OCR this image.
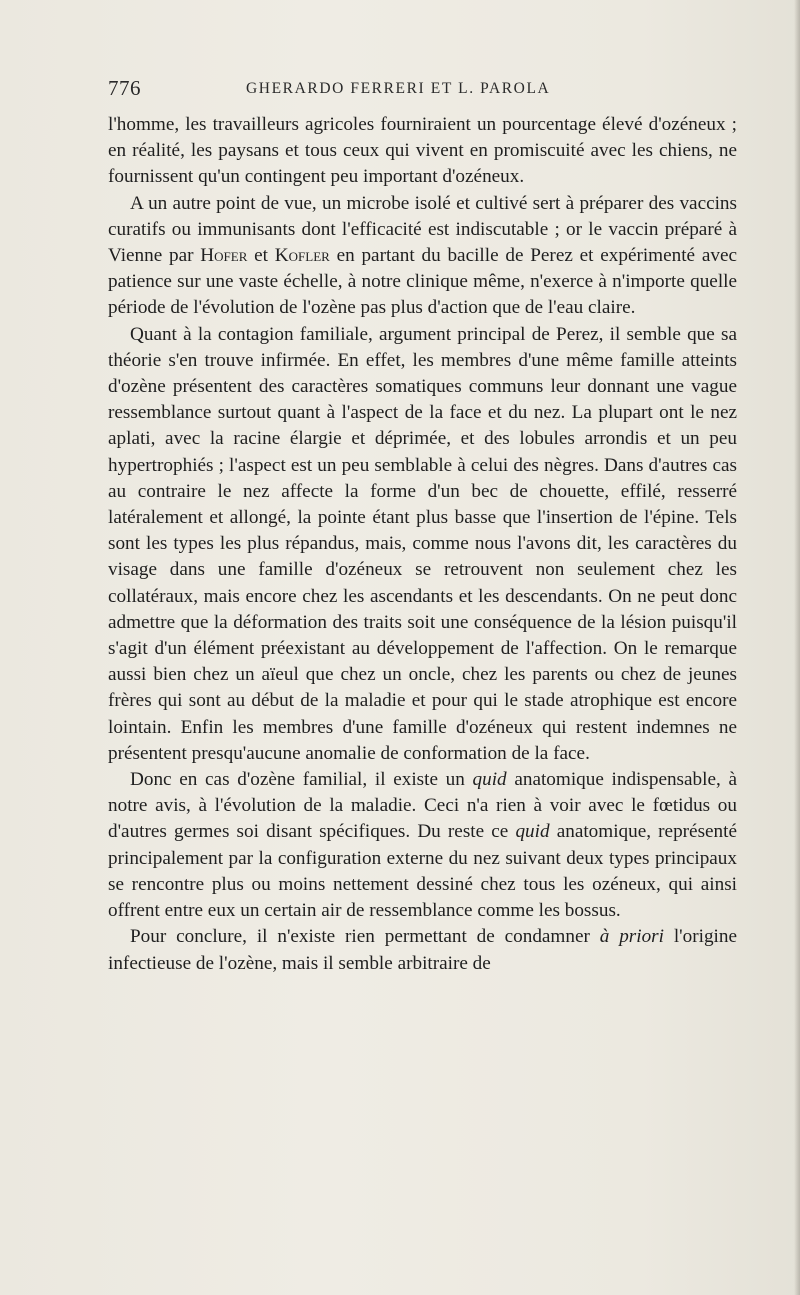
776	GHERARDO FERRERI ET L. PAROLA

l'homme, les travailleurs agricoles fourniraient un pourcentage élevé d'ozéneux ; en réalité, les paysans et tous ceux qui vivent en promiscuité avec les chiens, ne fournissent qu'un contingent peu important d'ozéneux.

A un autre point de vue, un microbe isolé et cultivé sert à préparer des vaccins curatifs ou immunisants dont l'efficacité est indiscutable ; or le vaccin préparé à Vienne par Hofer et Kofler en partant du bacille de Perez et expérimenté avec patience sur une vaste échelle, à notre clinique même, n'exerce à n'importe quelle période de l'évolution de l'ozène pas plus d'action que de l'eau claire.

Quant à la contagion familiale, argument principal de Perez, il semble que sa théorie s'en trouve infirmée. En effet, les membres d'une même famille atteints d'ozène présentent des caractères somatiques communs leur donnant une vague ressemblance surtout quant à l'aspect de la face et du nez. La plupart ont le nez aplati, avec la racine élargie et déprimée, et des lobules arrondis et un peu hypertrophiés ; l'aspect est un peu semblable à celui des nègres. Dans d'autres cas au contraire le nez affecte la forme d'un bec de chouette, effilé, resserré latéralement et allongé, la pointe étant plus basse que l'insertion de l'épine. Tels sont les types les plus répandus, mais, comme nous l'avons dit, les caractères du visage dans une famille d'ozéneux se retrouvent non seulement chez les collatéraux, mais encore chez les ascendants et les descendants. On ne peut donc admettre que la déformation des traits soit une conséquence de la lésion puisqu'il s'agit d'un élément préexistant au développement de l'affection. On le remarque aussi bien chez un aïeul que chez un oncle, chez les parents ou chez de jeunes frères qui sont au début de la maladie et pour qui le stade atrophique est encore lointain. Enfin les membres d'une famille d'ozéneux qui restent indemnes ne présentent presqu'aucune anomalie de conformation de la face.

Donc en cas d'ozène familial, il existe un quid anatomique indispensable, à notre avis, à l'évolution de la maladie. Ceci n'a rien à voir avec le fœtidus ou d'autres germes soi disant spécifiques. Du reste ce quid anatomique, représenté principalement par la configuration externe du nez suivant deux types principaux se rencontre plus ou moins nettement dessiné chez tous les ozéneux, qui ainsi offrent entre eux un certain air de ressemblance comme les bossus.

Pour conclure, il n'existe rien permettant de condamner à priori l'origine infectieuse de l'ozène, mais il semble arbitraire de
